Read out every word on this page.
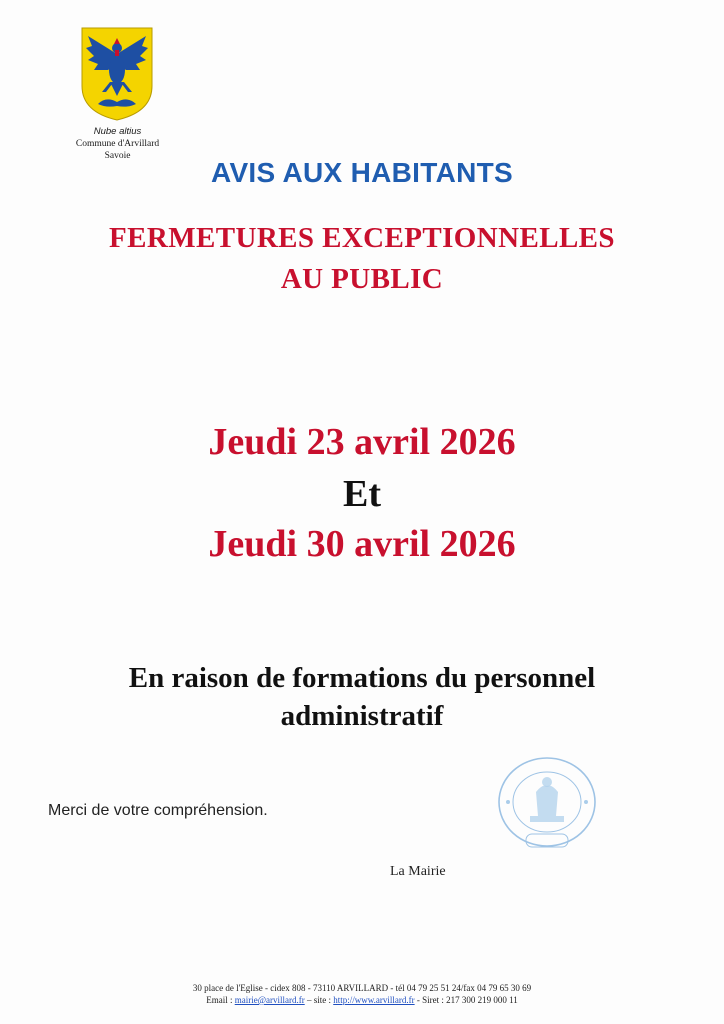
Nube altius
Commune d'Arvillard
Savoie
AVIS AUX HABITANTS
FERMETURES EXCEPTIONNELLES
AU PUBLIC
Jeudi 23 avril 2026
Et
Jeudi 30 avril 2026
En raison de formations du personnel
administratif
Merci de votre compréhension.
La Mairie
30 place de l'Eglise - cidex 808 - 73110 ARVILLARD - tél 04 79 25 51 24/fax 04 79 65 30 69
Email : mairie@arvillard.fr – site : http://www.arvillard.fr - Siret : 217 300 219 000 11
